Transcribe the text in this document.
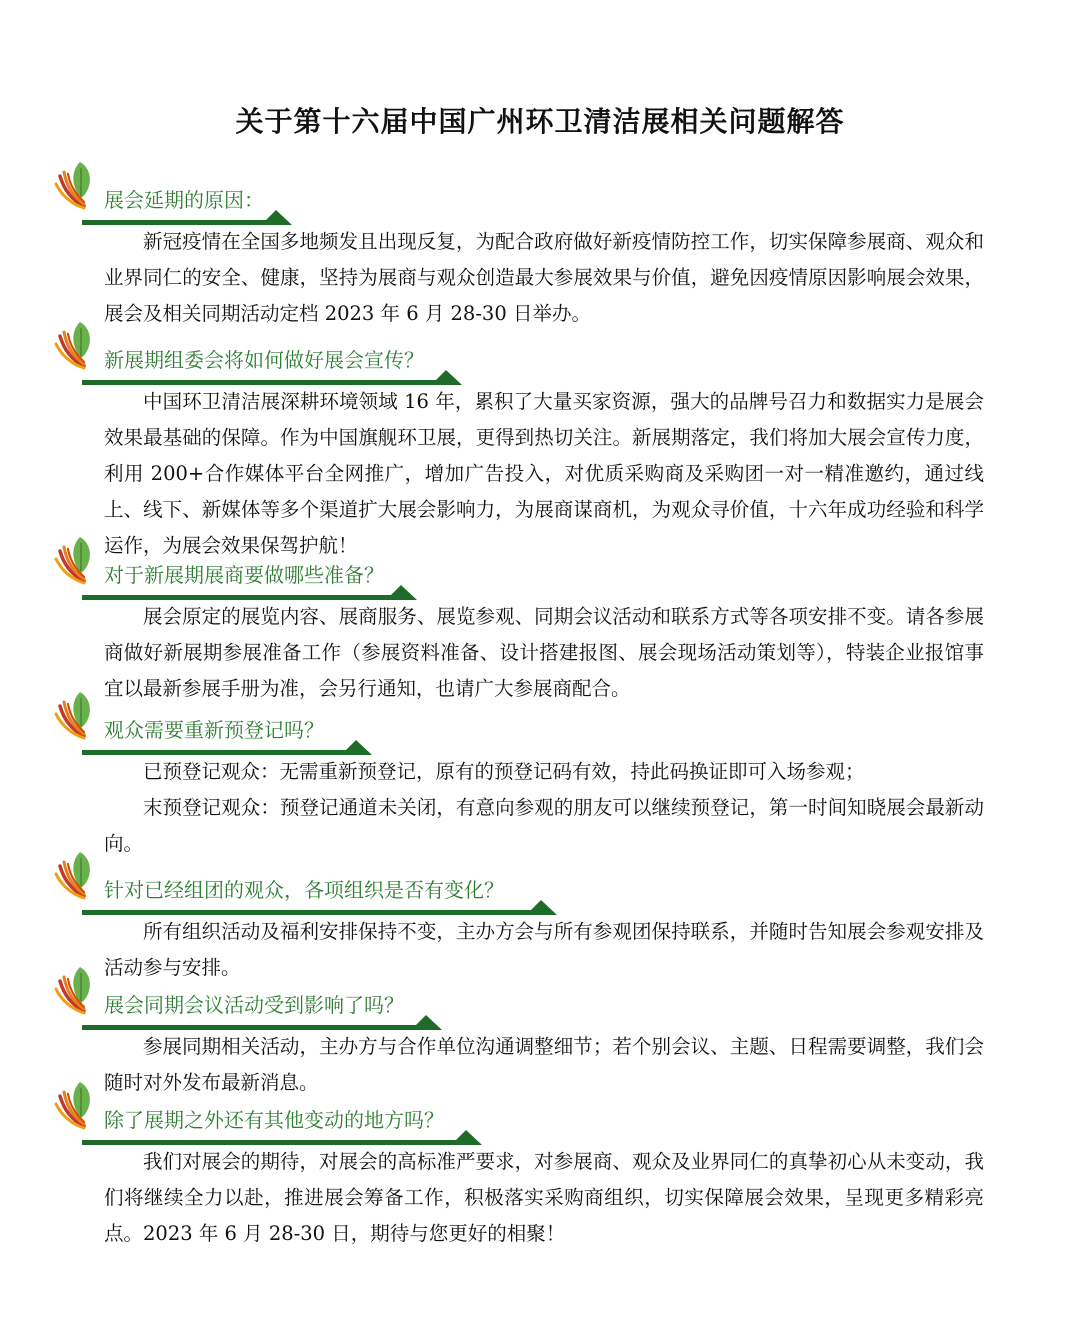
关于第十六届中国广州环卫清洁展相关问题解答
展会延期的原因：

新冠疫情在全国多地频发且出现反复，为配合政府做好新疫情防控工作，切实保障参展商、观众和业界同仁的安全、健康，坚持为展商与观众创造最大参展效果与价值，避免因疫情原因影响展会效果，展会及相关同期活动定档 2023 年 6 月 28-30 日举办。

新展期组委会将如何做好展会宣传？

中国环卫清洁展深耕环境领域 16 年，累积了大量买家资源，强大的品牌号召力和数据实力是展会效果最基础的保障。作为中国旗舰环卫展，更得到热切关注。新展期落定，我们将加大展会宣传力度，利用 200+合作媒体平台全网推广，增加广告投入，对优质采购商及采购团一对一精准邀约，通过线上、线下、新媒体等多个渠道扩大展会影响力，为展商谋商机，为观众寻价值，十六年成功经验和科学运作，为展会效果保驾护航！

对于新展期展商要做哪些准备？

展会原定的展览内容、展商服务、展览参观、同期会议活动和联系方式等各项安排不变。请各参展商做好新展期参展准备工作（参展资料准备、设计搭建报图、展会现场活动策划等），特装企业报馆事宜以最新参展手册为准，会另行通知，也请广大参展商配合。

观众需要重新预登记吗？

已预登记观众：无需重新预登记，原有的预登记码有效，持此码换证即可入场参观；

末预登记观众：预登记通道未关闭，有意向参观的朋友可以继续预登记，第一时间知晓展会最新动向。

针对已经组团的观众，各项组织是否有变化？

所有组织活动及福利安排保持不变，主办方会与所有参观团保持联系，并随时告知展会参观安排及活动参与安排。

展会同期会议活动受到影响了吗？

参展同期相关活动，主办方与合作单位沟通调整细节；若个别会议、主题、日程需要调整，我们会随时对外发布最新消息。

除了展期之外还有其他变动的地方吗？

我们对展会的期待，对展会的高标准严要求，对参展商、观众及业界同仁的真挚初心从未变动，我们将继续全力以赴，推进展会筹备工作，积极落实采购商组织，切实保障展会效果，呈现更多精彩亮点。2023 年 6 月 28-30 日，期待与您更好的相聚！
